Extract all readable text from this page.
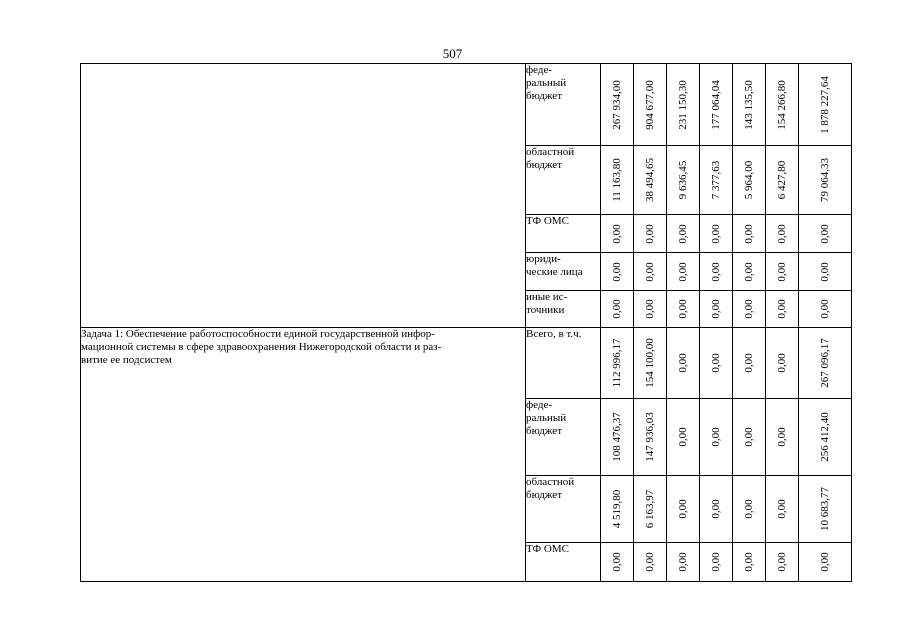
507

	феде-
ральный
бюджет	267 934,00	904 677,00	231 150,30	177 064,04	143 135,50	154 266,80	1 878 227,64

	областной
бюджет	11 163,80	38 494,65	9 636,45	7 377,63	5 964,00	6 427,80	79 064,33

	ТФ ОМС	0,00	0,00	0,00	0,00	0,00	0,00	0,00

	юриди-
ческие лица	0,00	0,00	0,00	0,00	0,00	0,00	0,00

	иные ис-
точники	0,00	0,00	0,00	0,00	0,00	0,00	0,00

Задача 1: Обеспечение работоспособности единой государственной инфор-
мационной системы в сфере здравоохранения Нижегородской области и раз-
витие ее подсистем	Всего, в т.ч.	112 996,17	154 100,00	0,00	0,00	0,00	0,00	267 096,17

	феде-
ральный
бюджет	108 476,37	147 936,03	0,00	0,00	0,00	0,00	256 412,40

	областной
бюджет	4 519,80	6 163,97	0,00	0,00	0,00	0,00	10 683,77

	ТФ ОМС	0,00	0,00	0,00	0,00	0,00	0,00	0,00
